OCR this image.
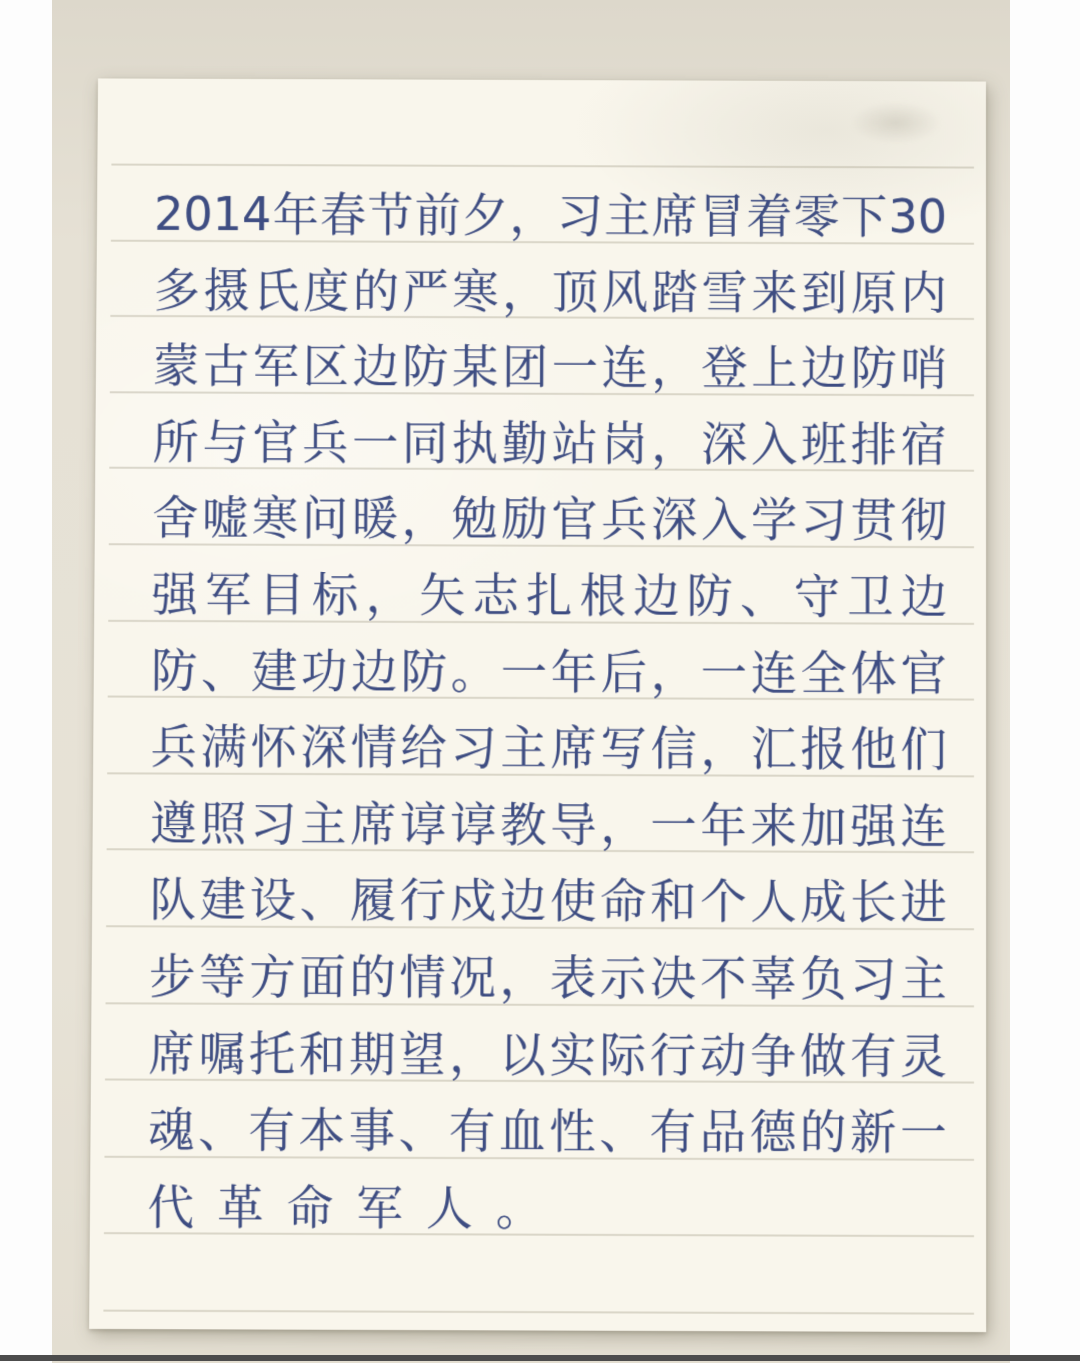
2014 年 春 节 前 夕 ， 习 主 席 冒 着 零 下 30
多 摄 氏 度 的 严 寒 ， 顶 风 踏 雪 来 到 原 内
蒙 古 军 区 边 防 某 团 一 连 ， 登 上 边 防 哨
所 与 官 兵 一 同 执 勤 站 岗 ， 深 入 班 排 宿
舍 嘘 寒 问 暖 ， 勉 励 官 兵 深 入 学 习 贯 彻
强 军 目 标 ， 矢 志 扎 根 边 防 、 守 卫 边
防 、 建 功 边 防 。 一 年 后 ， 一 连 全 体 官
兵 满 怀 深 情 给 习 主 席 写 信 ， 汇 报 他 们
遵 照 习 主 席 谆 谆 教 导 ， 一 年 来 加 强 连
队 建 设 、 履 行 戍 边 使 命 和 个 人 成 长 进
步 等 方 面 的 情 况 ， 表 示 决 不 辜 负 习 主
席 嘱 托 和 期 望 ， 以 实 际 行 动 争 做 有 灵
魂 、 有 本 事 、 有 血 性 、 有 品 德 的 新 一
代 革 命 军 人 。
